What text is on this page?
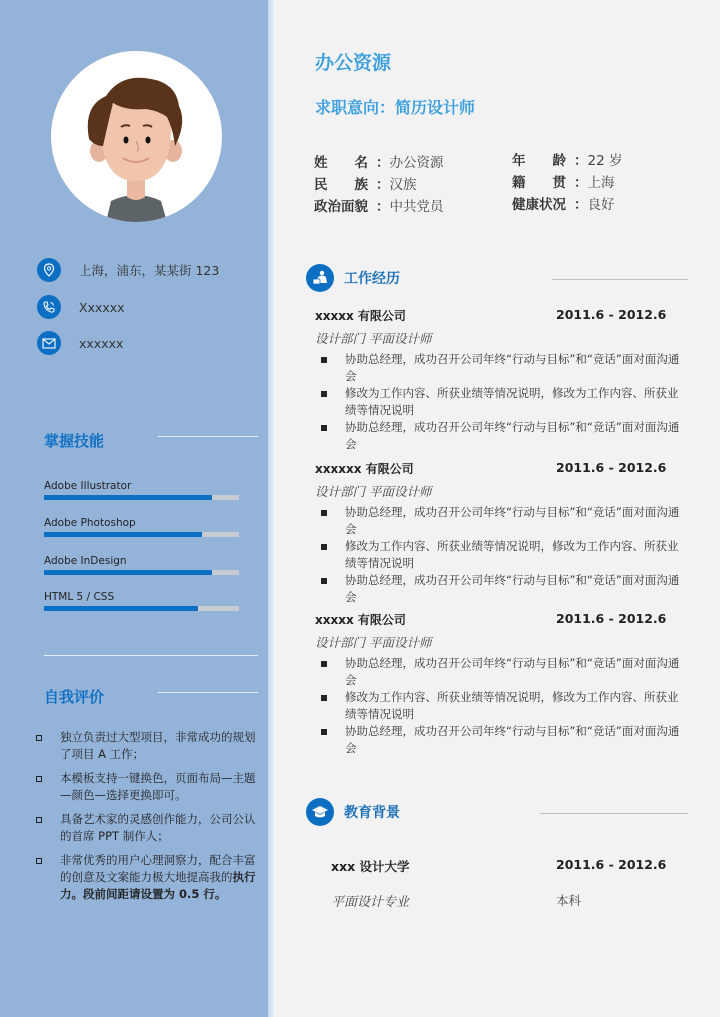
上海，浦东，某某街 123
Xxxxxx
xxxxxx
掌握技能
Adobe Illustrator
Adobe Photoshop
Adobe InDesign
HTML 5 / CSS
自我评价
独立负责过大型项目，非常成功的规划了项目 A 工作；
本模板支持一键换色，页面布局—主题—颜色—选择更换即可。
具备艺术家的灵感创作能力，公司公认的首席 PPT 制作人；
非常优秀的用户心理洞察力，配合丰富的创意及文案能力极大地提高我的执行力。段前间距请设置为 0.5 行。
办公资源
求职意向：简历设计师
姓　　名 ： 办公资源
民　　族 ： 汉族
政治面貌 ： 中共党员
年　　龄 ： 22 岁
籍　　贯 ： 上海
健康状况 ： 良好
工作经历
xxxxx 有限公司	2011.6 - 2012.6
设计部门 平面设计师
协助总经理，成功召开公司年终“行动与目标”和“竞话”面对面沟通会
修改为工作内容、所获业绩等情况说明，修改为工作内容、所获业绩等情况说明
协助总经理，成功召开公司年终“行动与目标”和“竞话”面对面沟通会
xxxxxx 有限公司	2011.6 - 2012.6
设计部门 平面设计师
协助总经理，成功召开公司年终“行动与目标”和“竞话”面对面沟通会
修改为工作内容、所获业绩等情况说明，修改为工作内容、所获业绩等情况说明
协助总经理，成功召开公司年终“行动与目标”和“竞话”面对面沟通会
xxxxx 有限公司	2011.6 - 2012.6
设计部门 平面设计师
协助总经理，成功召开公司年终“行动与目标”和“竞话”面对面沟通会
修改为工作内容、所获业绩等情况说明，修改为工作内容、所获业绩等情况说明
协助总经理，成功召开公司年终“行动与目标”和“竞话”面对面沟通会
教育背景
xxx 设计大学	2011.6 - 2012.6
平面设计专业	本科
